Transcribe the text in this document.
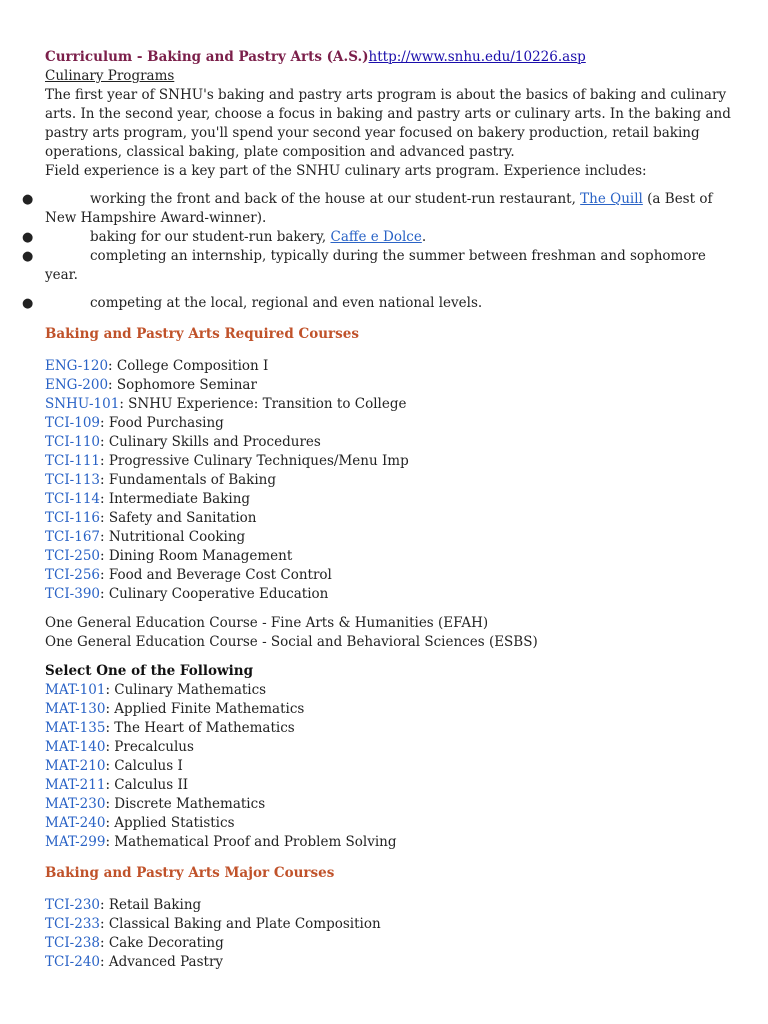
Curriculum - Baking and Pastry Arts (A.S.)http://www.snhu.edu/10226.asp
Culinary Programs
The first year of SNHU's baking and pastry arts program is about the basics of baking and culinary arts. In the second year, choose a focus in baking and pastry arts or culinary arts. In the baking and pastry arts program, you'll spend your second year focused on bakery production, retail baking operations, classical baking, plate composition and advanced pastry.
Field experience is a key part of the SNHU culinary arts program. Experience includes:
●	working the front and back of the house at our student-run restaurant, The Quill (a Best of New Hampshire Award-winner).
●	baking for our student-run bakery, Caffe e Dolce.
●	completing an internship, typically during the summer between freshman and sophomore year.
●	competing at the local, regional and even national levels.
Baking and Pastry Arts Required Courses
ENG-120: College Composition I
ENG-200: Sophomore Seminar
SNHU-101: SNHU Experience: Transition to College
TCI-109: Food Purchasing
TCI-110: Culinary Skills and Procedures
TCI-111: Progressive Culinary Techniques/Menu Imp
TCI-113: Fundamentals of Baking
TCI-114: Intermediate Baking
TCI-116: Safety and Sanitation
TCI-167: Nutritional Cooking
TCI-250: Dining Room Management
TCI-256: Food and Beverage Cost Control
TCI-390: Culinary Cooperative Education
One General Education Course - Fine Arts & Humanities (EFAH)
One General Education Course - Social and Behavioral Sciences (ESBS)
Select One of the Following
MAT-101: Culinary Mathematics
MAT-130: Applied Finite Mathematics
MAT-135: The Heart of Mathematics
MAT-140: Precalculus
MAT-210: Calculus I
MAT-211: Calculus II
MAT-230: Discrete Mathematics
MAT-240: Applied Statistics
MAT-299: Mathematical Proof and Problem Solving
Baking and Pastry Arts Major Courses
TCI-230: Retail Baking
TCI-233: Classical Baking and Plate Composition
TCI-238: Cake Decorating
TCI-240: Advanced Pastry
